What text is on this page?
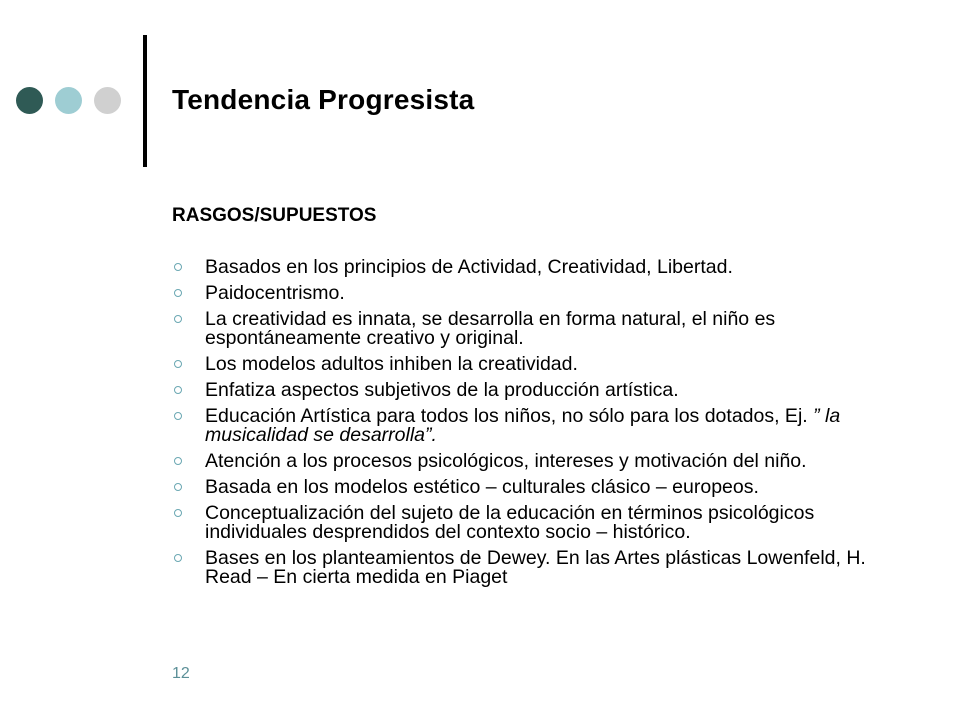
Tendencia Progresista
RASGOS/SUPUESTOS
Basados en los principios de Actividad, Creatividad, Libertad.
Paidocentrismo.
La creatividad es innata, se desarrolla en forma natural, el niño es espontáneamente creativo y original.
Los modelos adultos inhiben la creatividad.
Enfatiza aspectos subjetivos de la producción artística.
Educación Artística para todos los niños, no sólo para los dotados, Ej. ” la musicalidad se desarrolla”.
Atención a los procesos psicológicos, intereses y motivación del niño.
Basada en los modelos estético – culturales clásico – europeos.
Conceptualización del sujeto de la educación en términos psicológicos individuales desprendidos del contexto socio – histórico.
Bases en los planteamientos de Dewey. En las Artes plásticas Lowenfeld, H. Read – En cierta medida en Piaget
12
